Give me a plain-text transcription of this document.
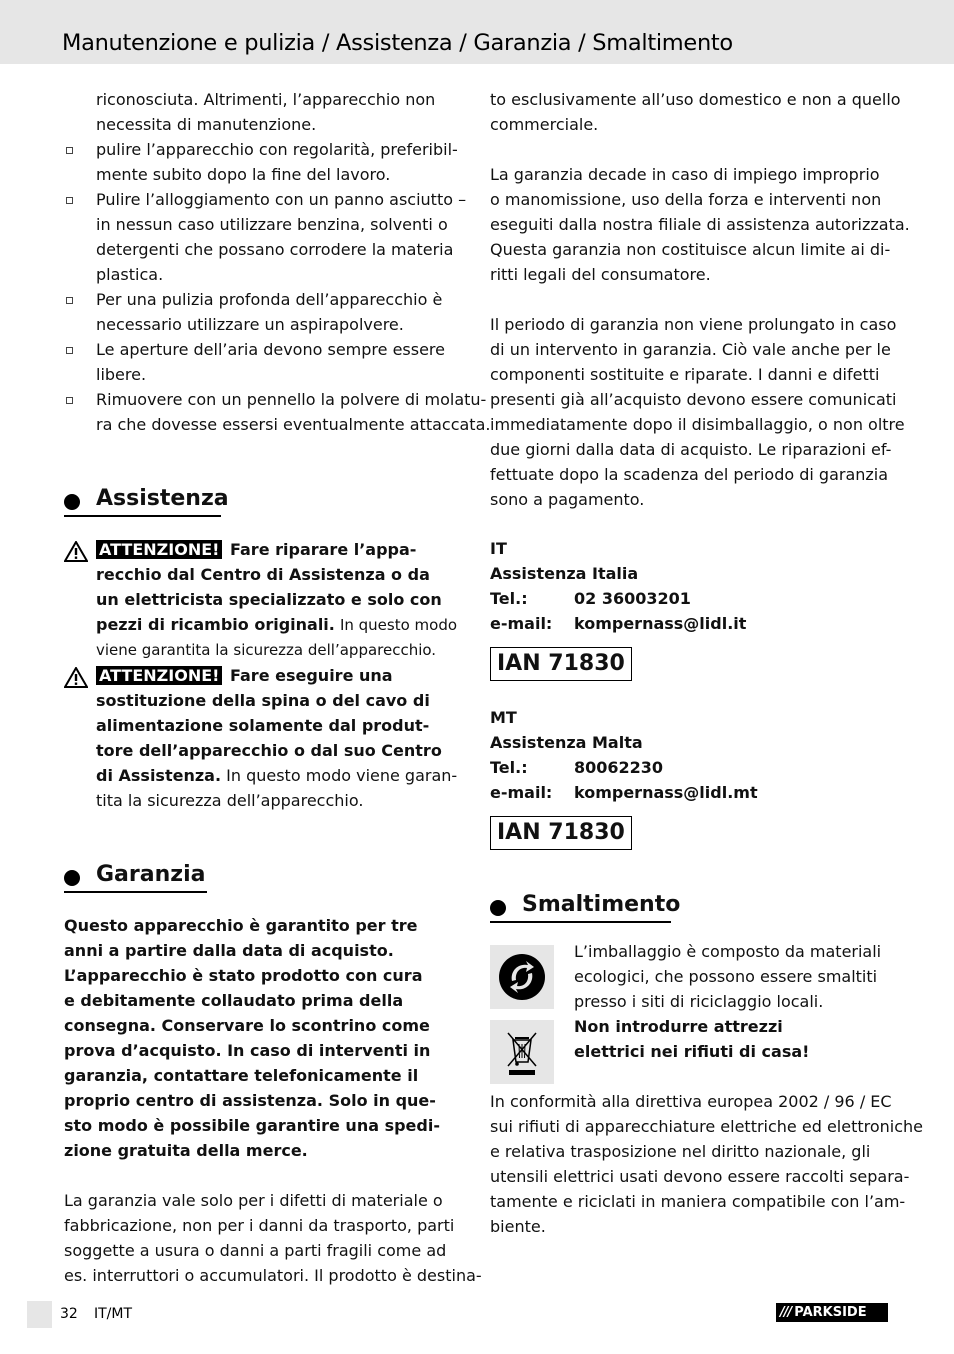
Manutenzione e pulizia / Assistenza / Garanzia / Smaltimento
riconosciuta. Altrimenti, l’apparecchio non
necessita di manutenzione.
pulire l’apparecchio con regolarità, preferibil-
mente subito dopo la fine del lavoro.
Pulire l’alloggiamento con un panno asciutto –
in nessun caso utilizzare benzina, solventi o
detergenti che possano corrodere la materia
plastica.
Per una pulizia profonda dell’apparecchio è
necessario utilizzare un aspirapolvere.
Le aperture dell’aria devono sempre essere
libere.
Rimuovere con un pennello la polvere di molatu-
ra che dovesse essersi eventualmente attaccata.
Assistenza
ATTENZIONE! Fare riparare l’appa-
recchio dal Centro di Assistenza o da
un elettricista specializzato e solo con
pezzi di ricambio originali. In questo modo
viene garantita la sicurezza dell’apparecchio.
ATTENZIONE! Fare eseguire una
sostituzione della spina o del cavo di
alimentazione solamente dal produt-
tore dell’apparecchio o dal suo Centro
di Assistenza. In questo modo viene garan-
tita la sicurezza dell’apparecchio.
Garanzia
Questo apparecchio è garantito per tre
anni a partire dalla data di acquisto.
L’apparecchio è stato prodotto con cura
e debitamente collaudato prima della
consegna. Conservare lo scontrino come
prova d’acquisto. In caso di interventi in
garanzia, contattare telefonicamente il
proprio centro di assistenza. Solo in que-
sto modo è possibile garantire una spedi-
zione gratuita della merce.
La garanzia vale solo per i difetti di materiale o
fabbricazione, non per i danni da trasporto, parti
soggette a usura o danni a parti fragili come ad
es. interruttori o accumulatori. Il prodotto è destina-
to esclusivamente all’uso domestico e non a quello
commerciale.
La garanzia decade in caso di impiego improprio
o manomissione, uso della forza e interventi non
eseguiti dalla nostra filiale di assistenza autorizzata.
Questa garanzia non costituisce alcun limite ai di-
ritti legali del consumatore.
Il periodo di garanzia non viene prolungato in caso
di un intervento in garanzia. Ciò vale anche per le
componenti sostituite e riparate. I danni e difetti
presenti già all’acquisto devono essere comunicati
immediatamente dopo il disimballaggio, o non oltre
due giorni dalla data di acquisto. Le riparazioni ef-
fettuate dopo la scadenza del periodo di garanzia
sono a pagamento.
IT
Assistenza Italia
Tel.:	02 36003201
e-mail:	kompernass@lidl.it
IAN 71830
MT
Assistenza Malta
Tel.:	80062230
e-mail:	kompernass@lidl.mt
IAN 71830
Smaltimento
L’imballaggio è composto da materiali
ecologici, che possono essere smaltiti
presso i siti di riciclaggio locali.
Non introdurre attrezzi
elettrici nei rifiuti di casa!
In conformità alla direttiva europea 2002 / 96 / EC
sui rifiuti di apparecchiature elettriche ed elettroniche
e relativa trasposizione nel diritto nazionale, gli
utensili elettrici usati devono essere raccolti separa-
tamente e riciclati in maniera compatibile con l’am-
biente.
32 IT/MT	/// PARKSIDE
